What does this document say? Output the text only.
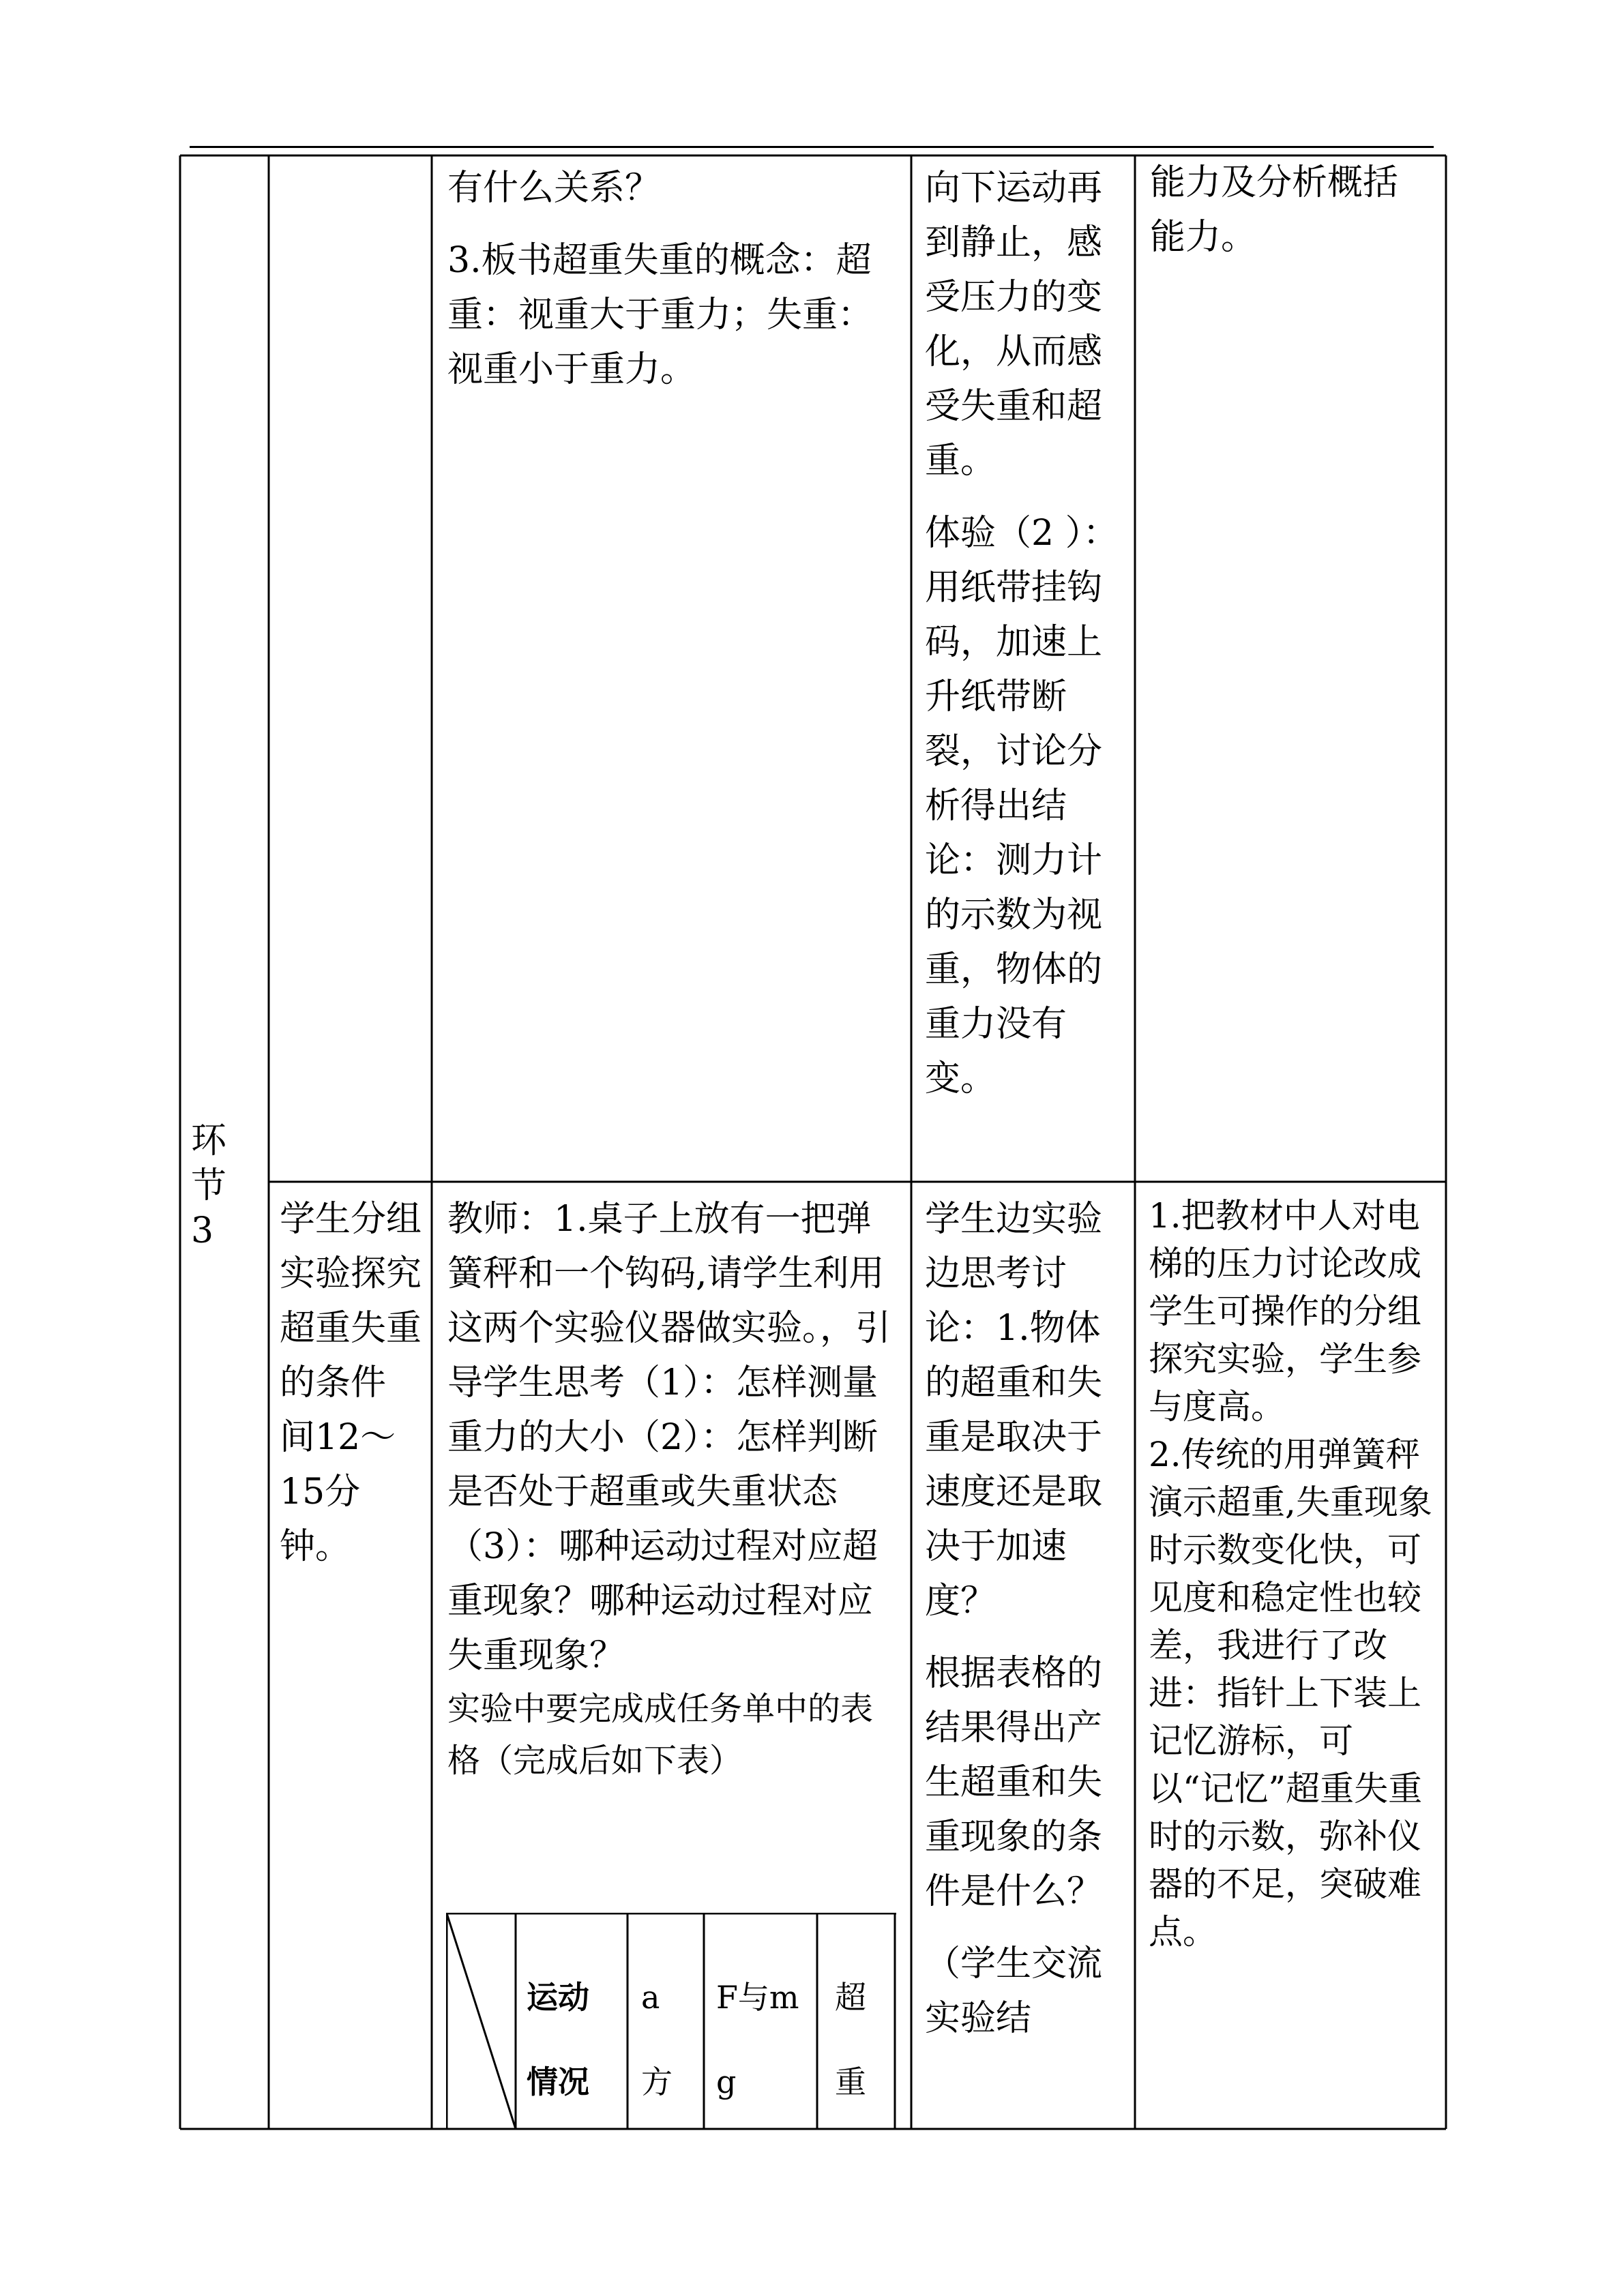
环节3

有什么关系？

3.板书超重失重的概念：超重：视重大于重力；失重：视重小于重力。

向下运动再到静止，感受压力的变化，从而感受失重和超重。

体验（2 ）：用纸带挂钩码，加速上升纸带断裂，讨论分析得出结论：测力计的示数为视重，物体的重力没有变。

能力及分析概括能力。

学生分组实验探究超重失重的条件

间12～15分钟。

教师：1.桌子上放有一把弹簧秤和一个钩码,请学生利用这两个实验仪器做实验。，引导学生思考（1）：怎样测量重力的大小（2）：怎样判断是否处于超重或失重状态（3）：哪种运动过程对应超重现象？哪种运动过程对应失重现象？

实验中要完成成任务单中的表格（完成后如下表）

运动情况
a方
F与mg
超重

学生边实验边思考讨论：1.物体的超重和失重是取决于速度还是取决于加速度？

根据表格的结果得出产生超重和失重现象的条件是什么？

（学生交流实验结

1.把教材中人对电梯的压力讨论改成学生可操作的分组探究实验，学生参与度高。

2.传统的用弹簧秤演示超重,失重现象时示数变化快，可见度和稳定性也较差，我进行了改进：指针上下装上记忆游标，可以“记忆”超重失重时的示数，弥补仪器的不足，突破难点。
